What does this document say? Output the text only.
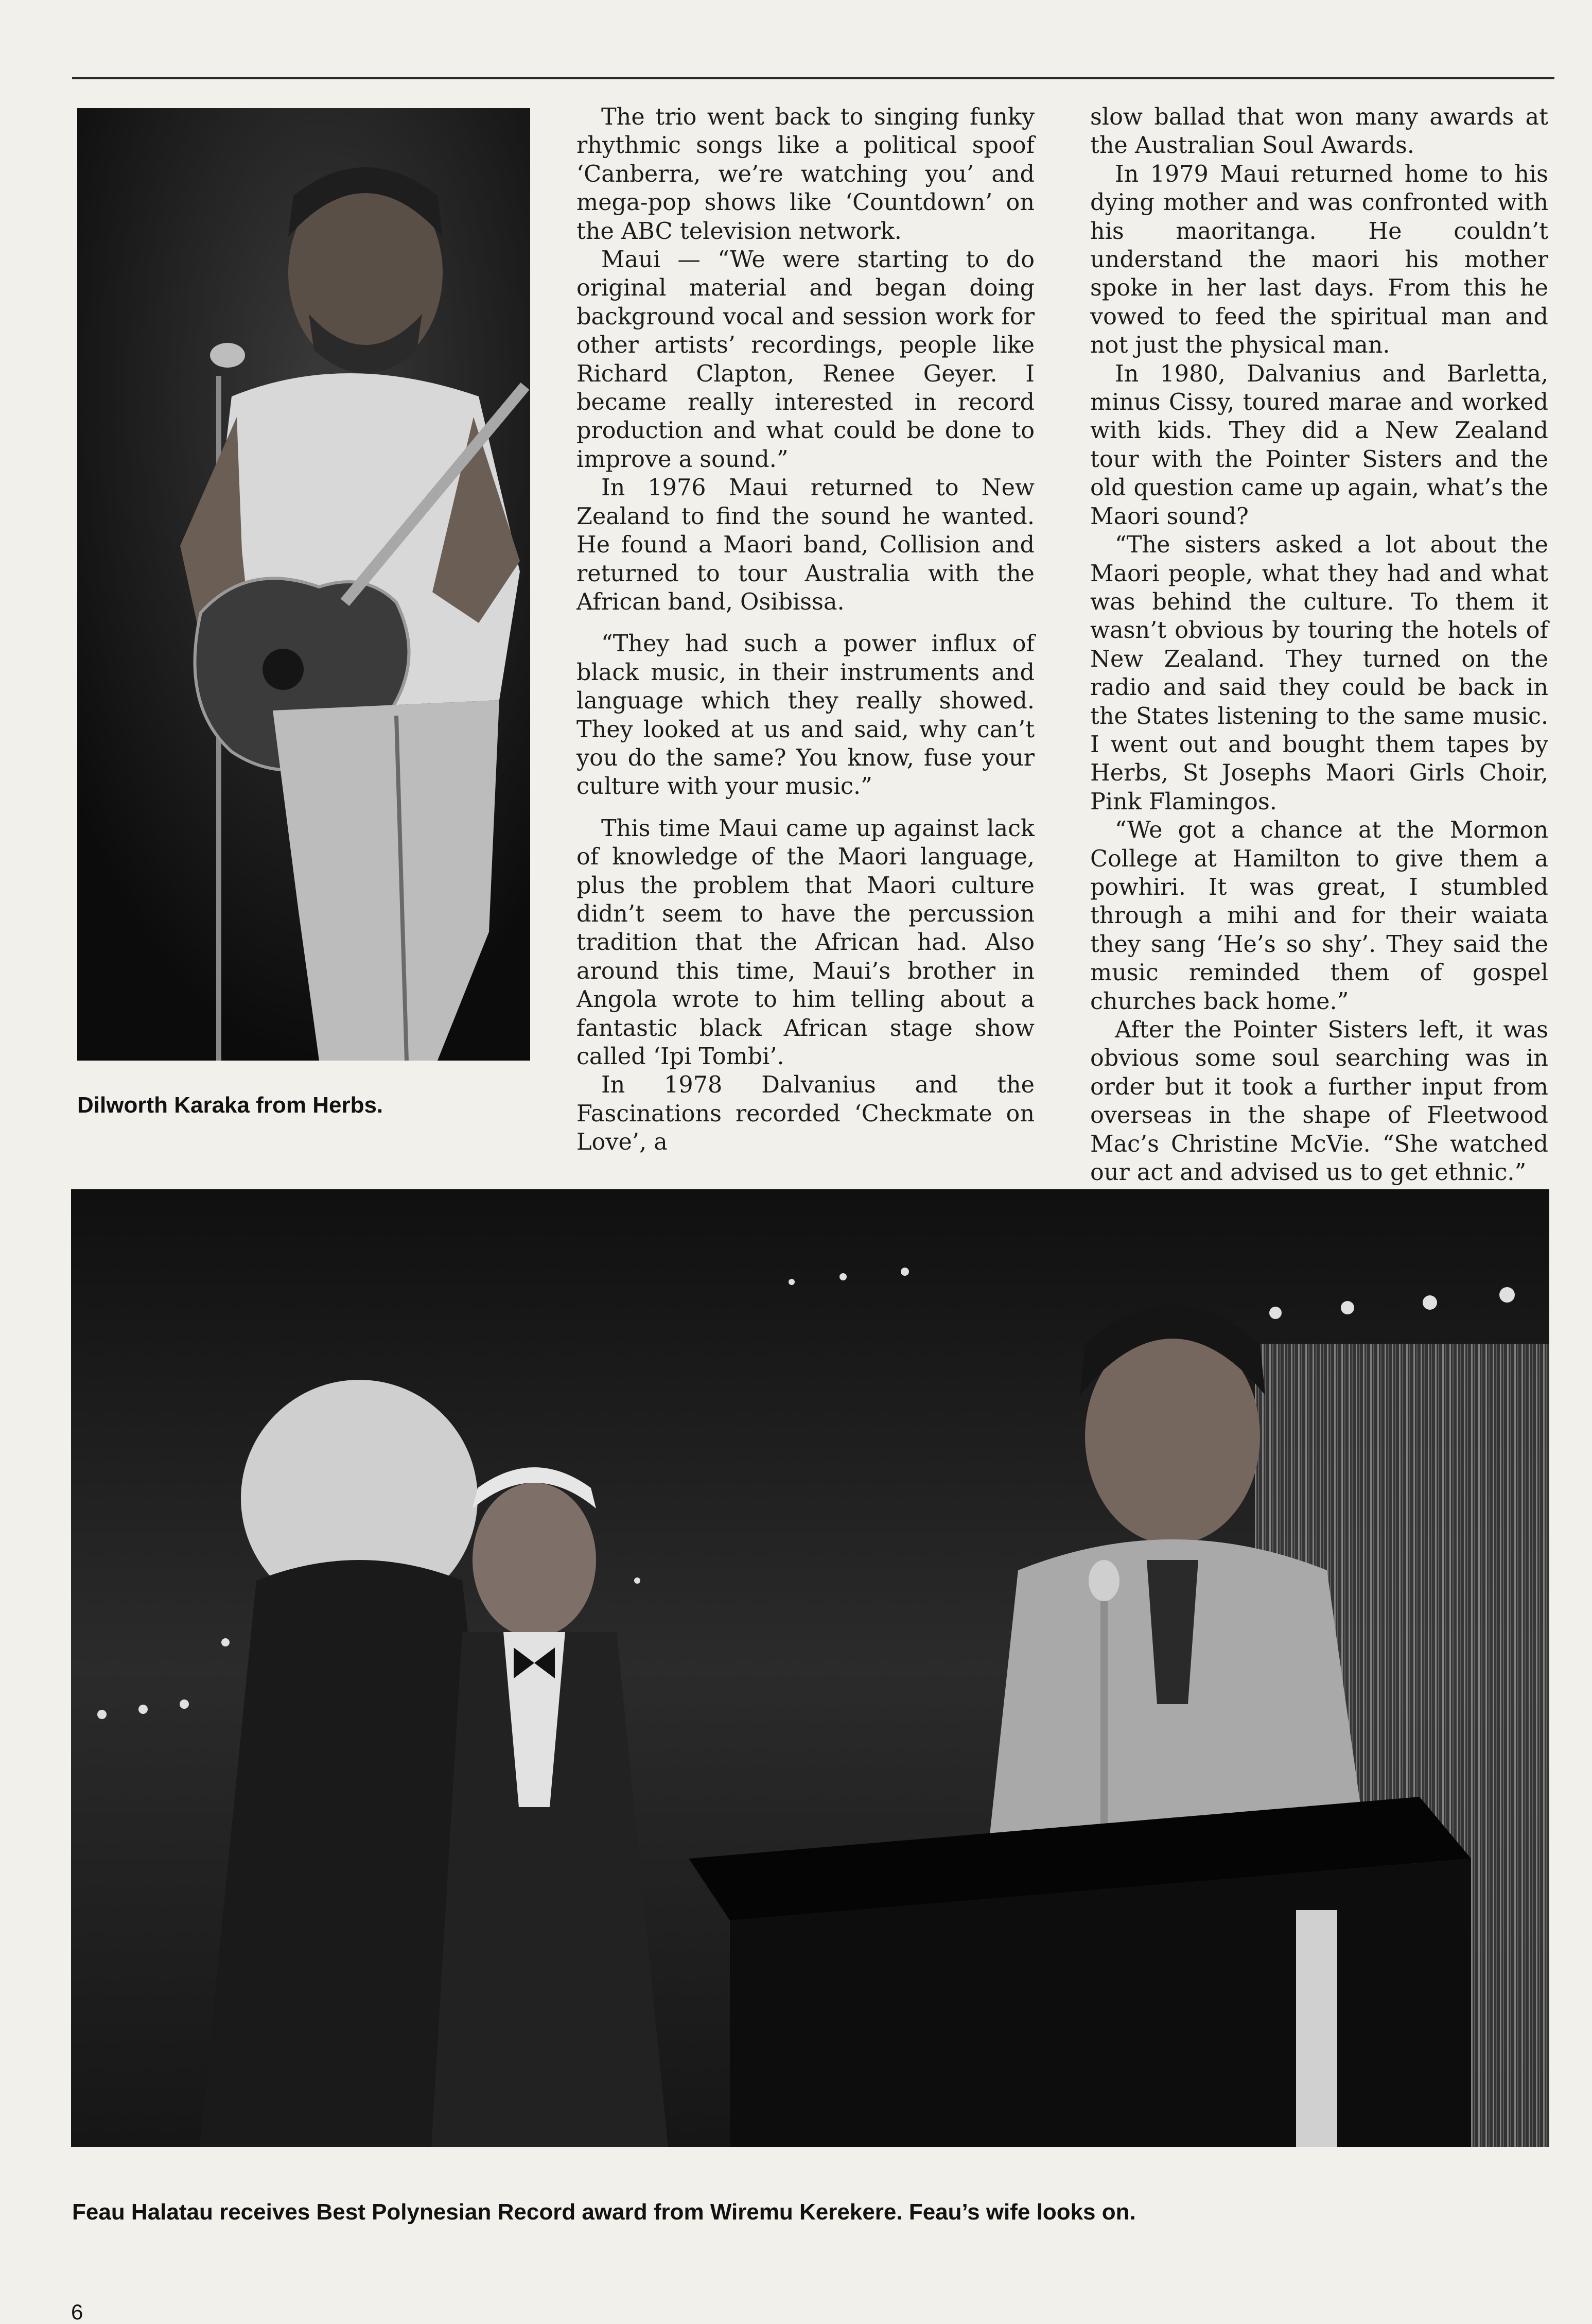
Dilworth Karaka from Herbs.

The trio went back to singing funky rhythmic songs like a political spoof ‘Canberra, we’re watching you’ and mega-pop shows like ‘Countdown’ on the ABC television network.

Maui — “We were starting to do original material and began doing background vocal and session work for other artists’ recordings, people like Richard Clapton, Renee Geyer. I became really interested in record production and what could be done to improve a sound.”

In 1976 Maui returned to New Zealand to find the sound he wanted. He found a Maori band, Collision and returned to tour Australia with the African band, Osibissa.

“They had such a power influx of black music, in their instruments and language which they really showed. They looked at us and said, why can’t you do the same? You know, fuse your culture with your music.”

This time Maui came up against lack of knowledge of the Maori language, plus the problem that Maori culture didn’t seem to have the percussion tradition that the African had. Also around this time, Maui’s brother in Angola wrote to him telling about a fantastic black African stage show called ‘Ipi Tombi’.

In 1978 Dalvanius and the Fascinations recorded ‘Checkmate on Love’, a

slow ballad that won many awards at the Australian Soul Awards.

In 1979 Maui returned home to his dying mother and was confronted with his maoritanga. He couldn’t understand the maori his mother spoke in her last days. From this he vowed to feed the spiritual man and not just the physical man.

In 1980, Dalvanius and Barletta, minus Cissy, toured marae and worked with kids. They did a New Zealand tour with the Pointer Sisters and the old question came up again, what’s the Maori sound?

“The sisters asked a lot about the Maori people, what they had and what was behind the culture. To them it wasn’t obvious by touring the hotels of New Zealand. They turned on the radio and said they could be back in the States listening to the same music. I went out and bought them tapes by Herbs, St Josephs Maori Girls Choir, Pink Flamingos.

“We got a chance at the Mormon College at Hamilton to give them a powhiri. It was great, I stumbled through a mihi and for their waiata they sang ‘He’s so shy’. They said the music reminded them of gospel churches back home.”

After the Pointer Sisters left, it was obvious some soul searching was in order but it took a further input from overseas in the shape of Fleetwood Mac’s Christine McVie. “She watched our act and advised us to get ethnic.”

Feau Halatau receives Best Polynesian Record award from Wiremu Kerekere. Feau’s wife looks on.
6
